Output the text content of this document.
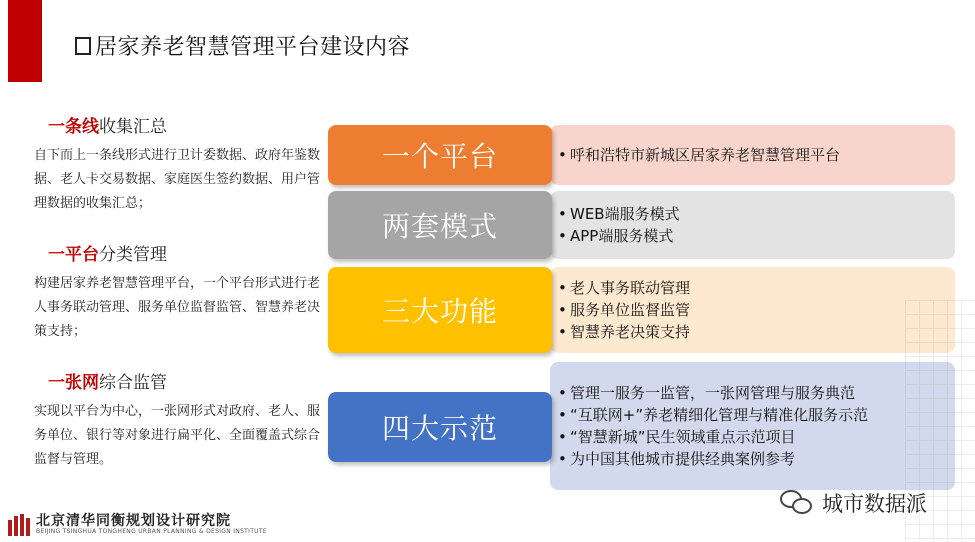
居家养老智慧管理平台建设内容
一条线收集汇总
自下而上一条线形式进行卫计委数据、政府年鉴数据、老人卡交易数据、家庭医生签约数据、用户管理数据的收集汇总；
一平台分类管理
构建居家养老智慧管理平台，一个平台形式进行老人事务联动管理、服务单位监督监管、智慧养老决策支持；
一张网综合监管
实现以平台为中心，一张网形式对政府、老人、服务单位、银行等对象进行扁平化、全面覆盖式综合监督与管理。
• 呼和浩特市新城区居家养老智慧管理平台
一个平台
• WEB端服务模式
• APP端服务模式
两套模式
• 老人事务联动管理
• 服务单位监督监管
• 智慧养老决策支持
三大功能
• 管理一服务一监管，一张网管理与服务典范
• “互联网+”养老精细化管理与精准化服务示范
• “智慧新城”民生领域重点示范项目
• 为中国其他城市提供经典案例参考
四大示范
北京清华同衡规划设计研究院
BEIJING TSINGHUA TONGHENG URBAN PLANNING & DESIGN INSTITUTE
城市数据派
